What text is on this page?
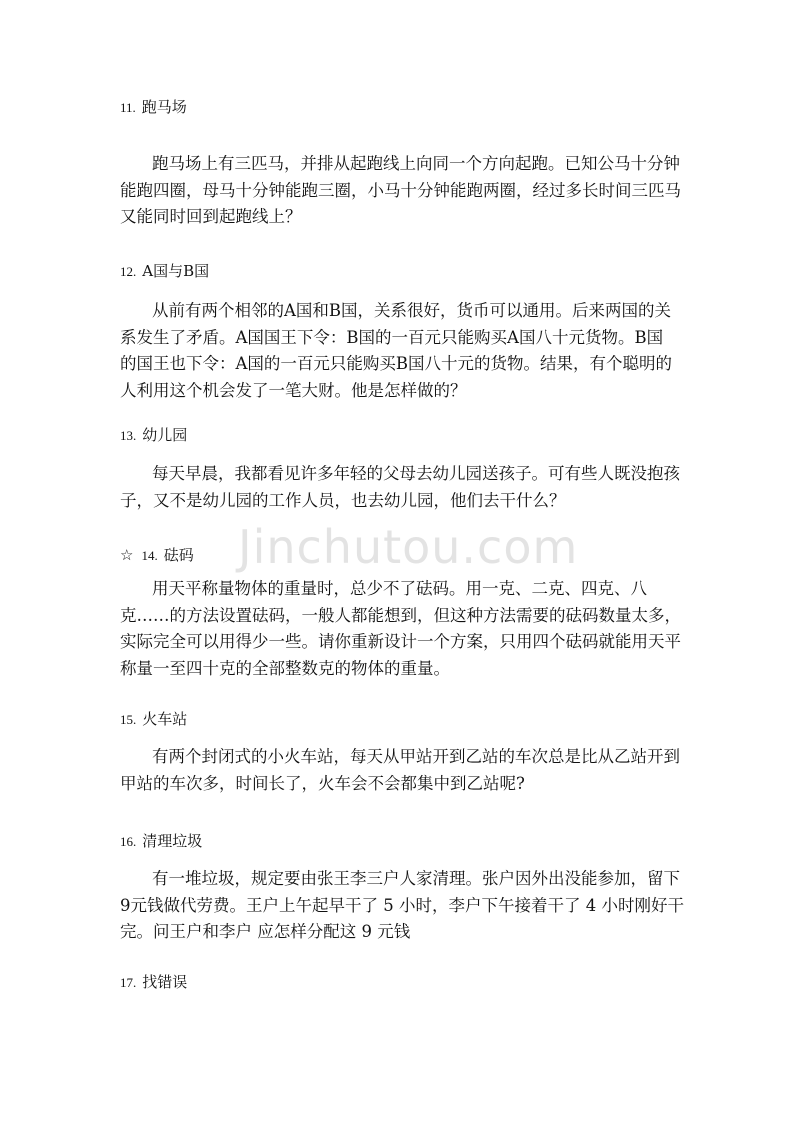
Jinchutou.com
11. 跑马场
跑马场上有三匹马，并排从起跑线上向同一个方向起跑。已知公马十分钟
能跑四圈，母马十分钟能跑三圈，小马十分钟能跑两圈，经过多长时间三匹马
又能同时回到起跑线上？
12. A国与B国
从前有两个相邻的A国和B国，关系很好，货币可以通用。后来两国的关
系发生了矛盾。A国国王下令：B国的一百元只能购买A国八十元货物。B国
的国王也下令：A国的一百元只能购买B国八十元的货物。结果，有个聪明的
人利用这个机会发了一笔大财。他是怎样做的？
13. 幼儿园
每天早晨，我都看见许多年轻的父母去幼儿园送孩子。可有些人既没抱孩
子，又不是幼儿园的工作人员，也去幼儿园，他们去干什么？
☆ 14. 砝码
用天平称量物体的重量时，总少不了砝码。用一克、二克、四克、八
克……的方法设置砝码，一般人都能想到，但这种方法需要的砝码数量太多，
实际完全可以用得少一些。请你重新设计一个方案，只用四个砝码就能用天平
称量一至四十克的全部整数克的物体的重量。
15. 火车站
有两个封闭式的小火车站，每天从甲站开到乙站的车次总是比从乙站开到
甲站的车次多，时间长了，火车会不会都集中到乙站呢?
16. 清理垃圾
有一堆垃圾，规定要由张王李三户人家清理。张户因外出没能参加，留下
9元钱做代劳费。王户上午起早干了 5 小时，李户下午接着干了 4 小时刚好干
完。问王户和李户 应怎样分配这 9 元钱
17. 找错误
